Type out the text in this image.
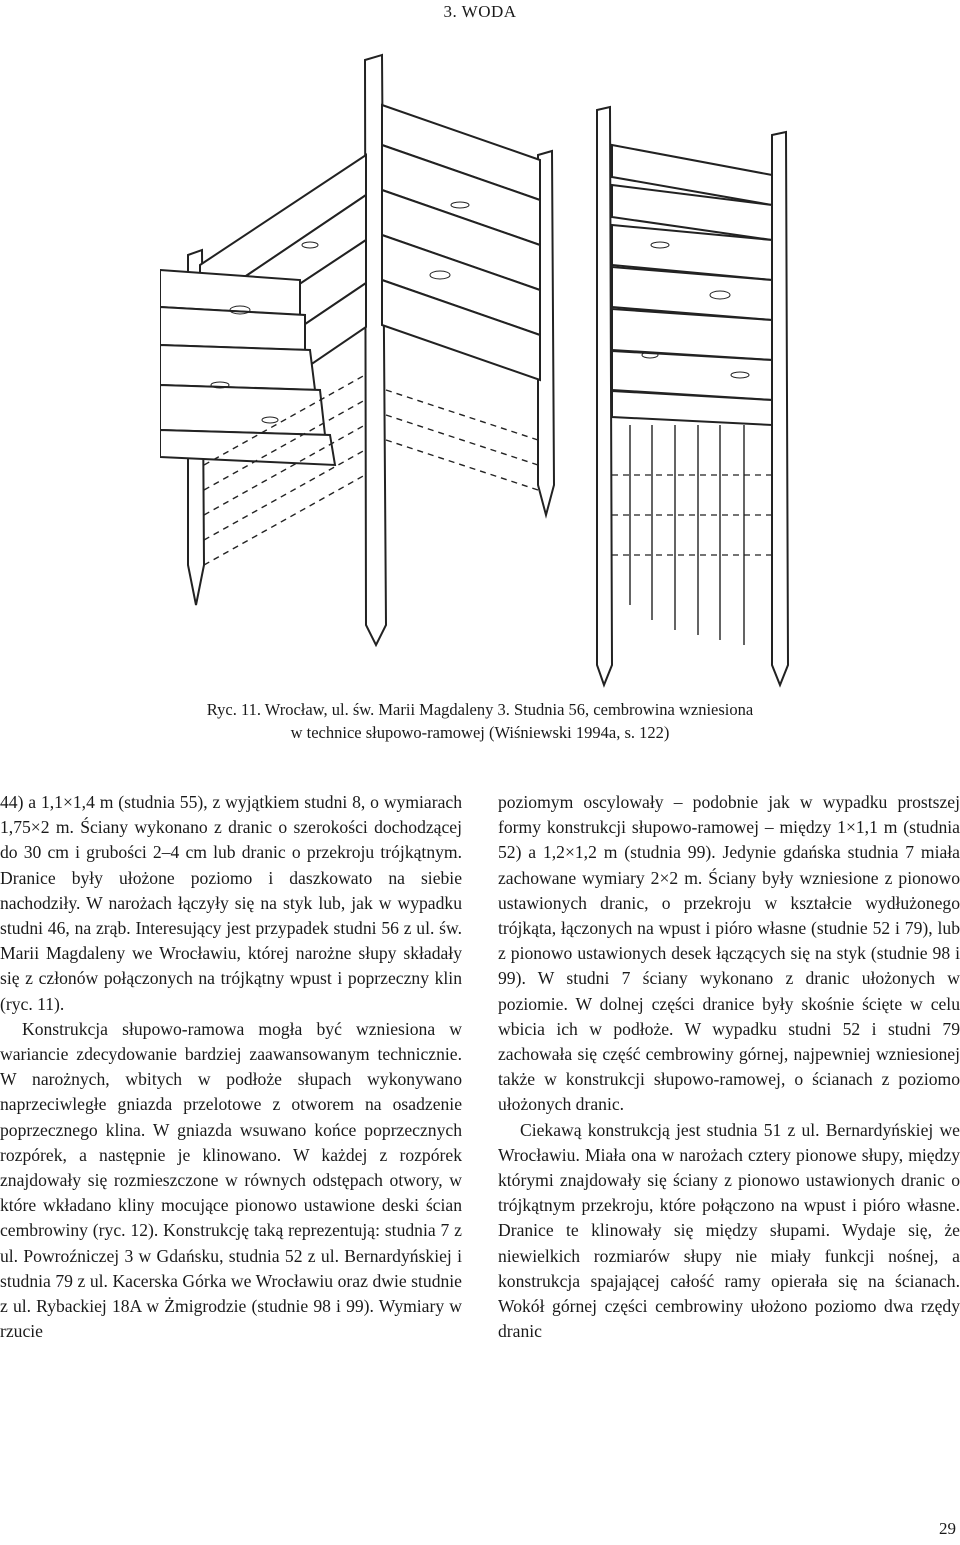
3. WODA
Ryc. 11. Wrocław, ul. św. Marii Magdaleny 3. Studnia 56, cembrowina wzniesiona
w technice słupowo-ramowej (Wiśniewski 1994a, s. 122)

44) a 1,1×1,4 m (studnia 55), z wyjątkiem studni 8, o wymiarach 1,75×2 m. Ściany wykonano z dranic o szerokości dochodzącej do 30 cm i grubości 2–4 cm lub dranic o przekroju trójkątnym. Dranice były ułożone poziomo i daszkowato na siebie nachodziły. W narożach łączyły się na styk lub, jak w wypadku studni 46, na zrąb. Interesujący jest przypadek studni 56 z ul. św. Marii Magdaleny we Wrocławiu, której narożne słupy składały się z członów połączonych na trójkątny wpust i poprzeczny klin (ryc. 11).

Konstrukcja słupowo-ramowa mogła być wzniesiona w wariancie zdecydowanie bardziej zaawansowanym technicznie. W narożnych, wbitych w podłoże słupach wykonywano naprzeciwległe gniazda przelotowe z otworem na osadzenie poprzecznego klina. W gniazda wsuwano końce poprzecznych rozpórek, a następnie je klinowano. W każdej z rozpórek znajdowały się rozmieszczone w równych odstępach otwory, w które wkładano kliny mocujące pionowo ustawione deski ścian cembrowiny (ryc. 12). Konstrukcję taką reprezentują: studnia 7 z ul. Powroźniczej 3 w Gdańsku, studnia 52 z ul. Bernardyńskiej i studnia 79 z ul. Kacerska Górka we Wrocławiu oraz dwie studnie z ul. Rybackiej 18A w Żmigrodzie (studnie 98 i 99). Wymiary w rzucie

poziomym oscylowały – podobnie jak w wypadku prostszej formy konstrukcji słupowo-ramowej – między 1×1,1 m (studnia 52) a 1,2×1,2 m (studnia 99). Jedynie gdańska studnia 7 miała zachowane wymiary 2×2 m. Ściany były wzniesione z pionowo ustawionych dranic, o przekroju w kształcie wydłużonego trójkąta, łączonych na wpust i pióro własne (studnie 52 i 79), lub z pionowo ustawionych desek łączących się na styk (studnie 98 i 99). W studni 7 ściany wykonano z dranic ułożonych w poziomie. W dolnej części dranice były skośnie ścięte w celu wbicia ich w podłoże. W wypadku studni 52 i studni 79 zachowała się część cembrowiny górnej, najpewniej wzniesionej także w konstrukcji słupowo-ramowej, o ścianach z poziomo ułożonych dranic.

Ciekawą konstrukcją jest studnia 51 z ul. Bernardyńskiej we Wrocławiu. Miała ona w narożach cztery pionowe słupy, między którymi znajdowały się ściany z pionowo ustawionych dranic o trójkątnym przekroju, które połączono na wpust i pióro własne. Dranice te klinowały się między słupami. Wydaje się, że niewielkich rozmiarów słupy nie miały funkcji nośnej, a konstrukcja spajającej całość ramy opierała się na ścianach. Wokół górnej części cembrowiny ułożono poziomo dwa rzędy dranic

29
